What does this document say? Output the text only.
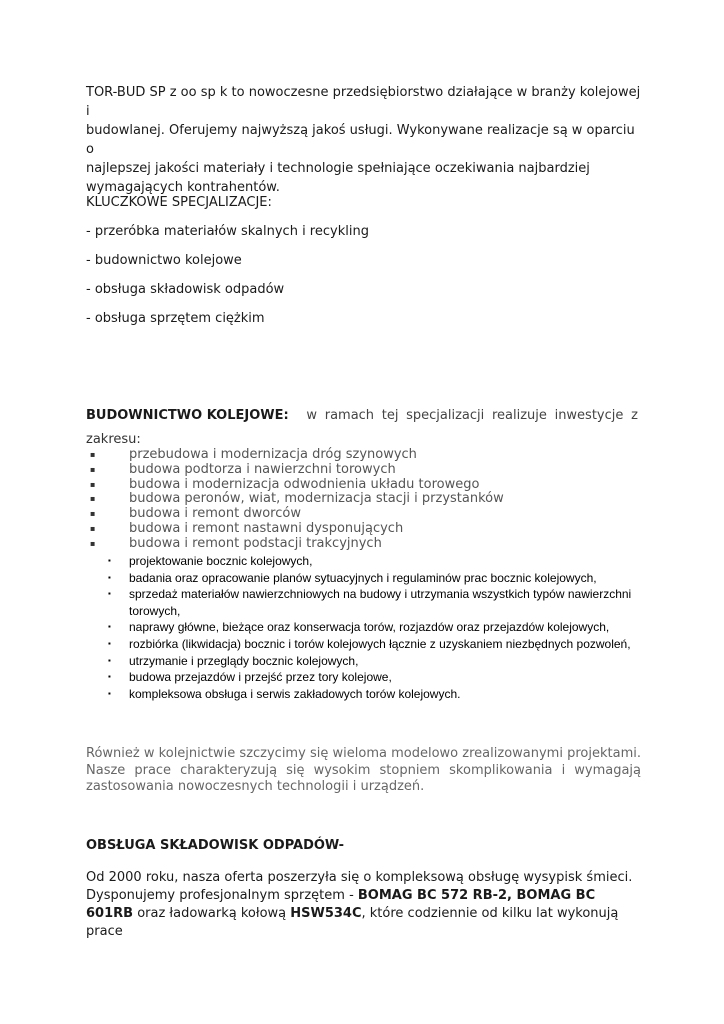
TOR-BUD SP z oo sp k to nowoczesne przedsiębiorstwo działające w branży kolejowej i
budowlanej. Oferujemy najwyższą jakoś usługi. Wykonywane realizacje są w oparciu o
najlepszej jakości materiały i technologie spełniające oczekiwania najbardziej
wymagających kontrahentów.
KLUCZKOWE SPECJALIZACJE:
- przeróbka materiałów skalnych i recykling
- budownictwo kolejowe
- obsługa składowisk odpadów
- obsługa sprzętem ciężkim
BUDOWNICTWO KOLEJOWE: w ramach tej specjalizacji realizuje inwestycje z
zakresu:
▪	przebudowa i modernizacja dróg szynowych
▪	budowa podtorza i nawierzchni torowych
▪	budowa i modernizacja odwodnienia układu torowego
▪	budowa peronów, wiat, modernizacja stacji i przystanków
▪	budowa i remont dworców
▪	budowa i remont nastawni dysponujących
▪	budowa i remont podstacji trakcyjnych
▪ projektowanie bocznic kolejowych,
▪ badania oraz opracowanie planów sytuacyjnych i regulaminów prac bocznic kolejowych,
▪ sprzedaż materiałów nawierzchniowych na budowy i utrzymania wszystkich typów nawierzchni torowych,
▪ naprawy główne, bieżące oraz konserwacja torów, rozjazdów oraz przejazdów kolejowych,
▪ rozbiórka (likwidacja) bocznic i torów kolejowych łącznie z uzyskaniem niezbędnych pozwoleń,
▪ utrzymanie i przeglądy bocznic kolejowych,
▪ budowa przejazdów i przejść przez tory kolejowe,
▪ kompleksowa obsługa i serwis zakładowych torów kolejowych.
Również w kolejnictwie szczycimy się wieloma modelowo zrealizowanymi projektami. Nasze prace charakteryzują się wysokim stopniem skomplikowania i wymagają zastosowania nowoczesnych technologii i urządzeń.
OBSŁUGA SKŁADOWISK ODPADÓW-
Od 2000 roku, nasza oferta poszerzyła się o kompleksową obsługę wysypisk śmieci.
Dysponujemy profesjonalnym sprzętem - BOMAG BC 572 RB-2, BOMAG BC 601RB oraz ładowarką kołową HSW534C, które codziennie od kilku lat wykonują prace
